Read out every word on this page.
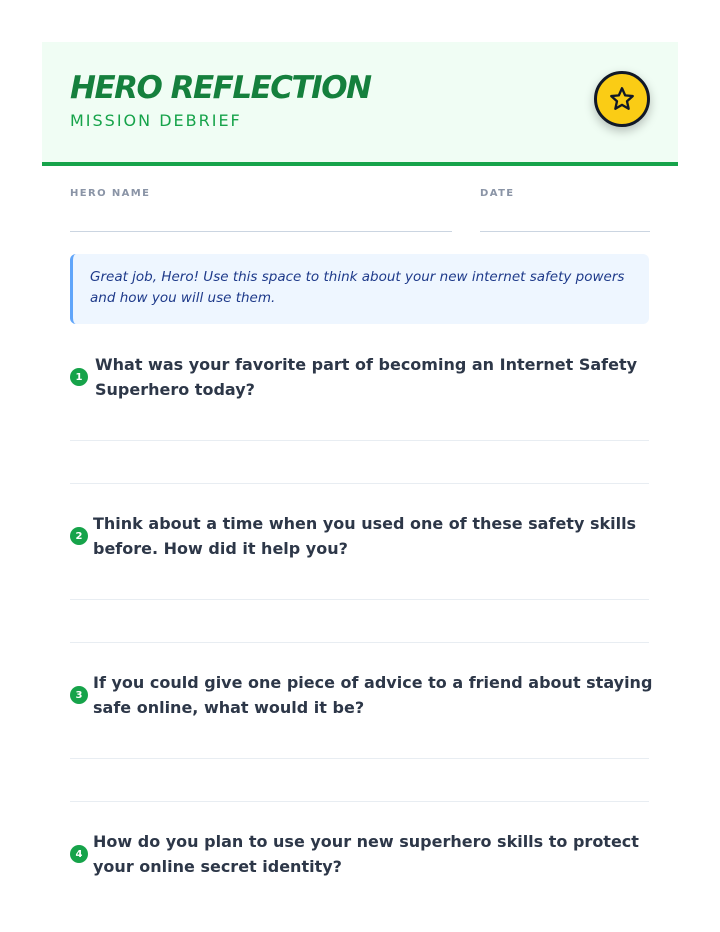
HERO REFLECTION
MISSION DEBRIEF
HERO NAME	DATE
Great job, Hero! Use this space to think about your new internet safety powers and how you will use them.
1

What was your favorite part of becoming an Internet Safety Superhero today?

2

Think about a time when you used one of these safety skills before. How did it help you?

3

If you could give one piece of advice to a friend about staying safe online, what would it be?

4

How do you plan to use your new superhero skills to protect your online secret identity?
